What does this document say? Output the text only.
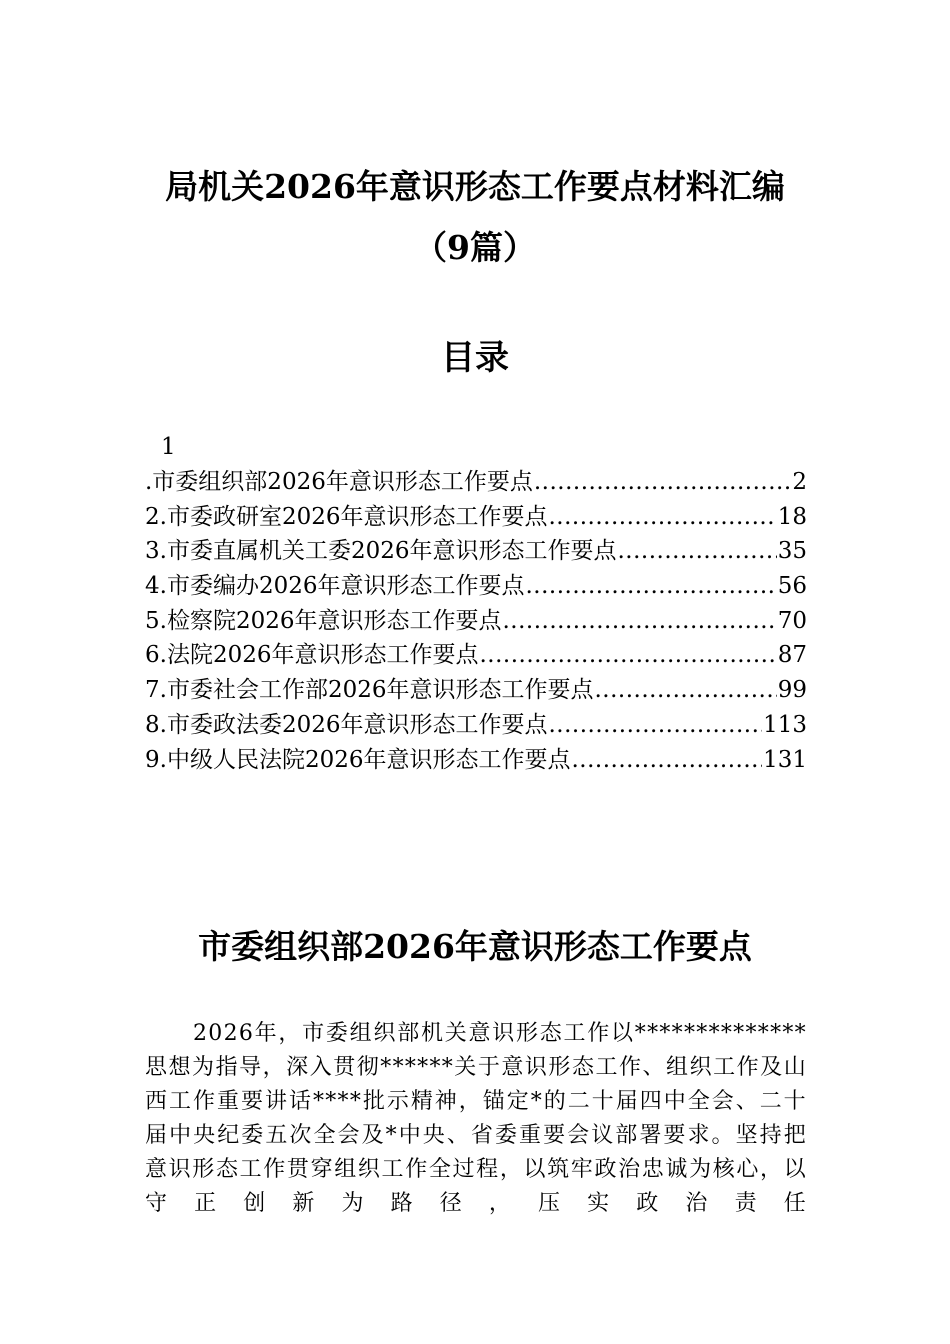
局机关2026年意识形态工作要点材料汇编
（9篇）
目录
1
.市委组织部2026年意识形态工作要点 .....	2
2.市委政研室2026年意识形态工作要点 .....	18
3.市委直属机关工委2026年意识形态工作要点 .....	35
4.市委编办2026年意识形态工作要点 .....	56
5.检察院2026年意识形态工作要点 .....	70
6.法院2026年意识形态工作要点 .....	87
7.市委社会工作部2026年意识形态工作要点 .....	99
8.市委政法委2026年意识形态工作要点 .....	113
9.中级人民法院2026年意识形态工作要点 .....	131
市委组织部2026年意识形态工作要点

2026年，市委组织部机关意识形态工作以**************思想为指导，深入贯彻******关于意识形态工作、组织工作及山西工作重要讲话****批示精神，锚定*的二十届四中全会、二十届中央纪委五次全会及*中央、省委重要会议部署要求。坚持把意识形态工作贯穿组织工作全过程，以筑牢政治忠诚为核心，以守正创新为路径，压实政治责任
